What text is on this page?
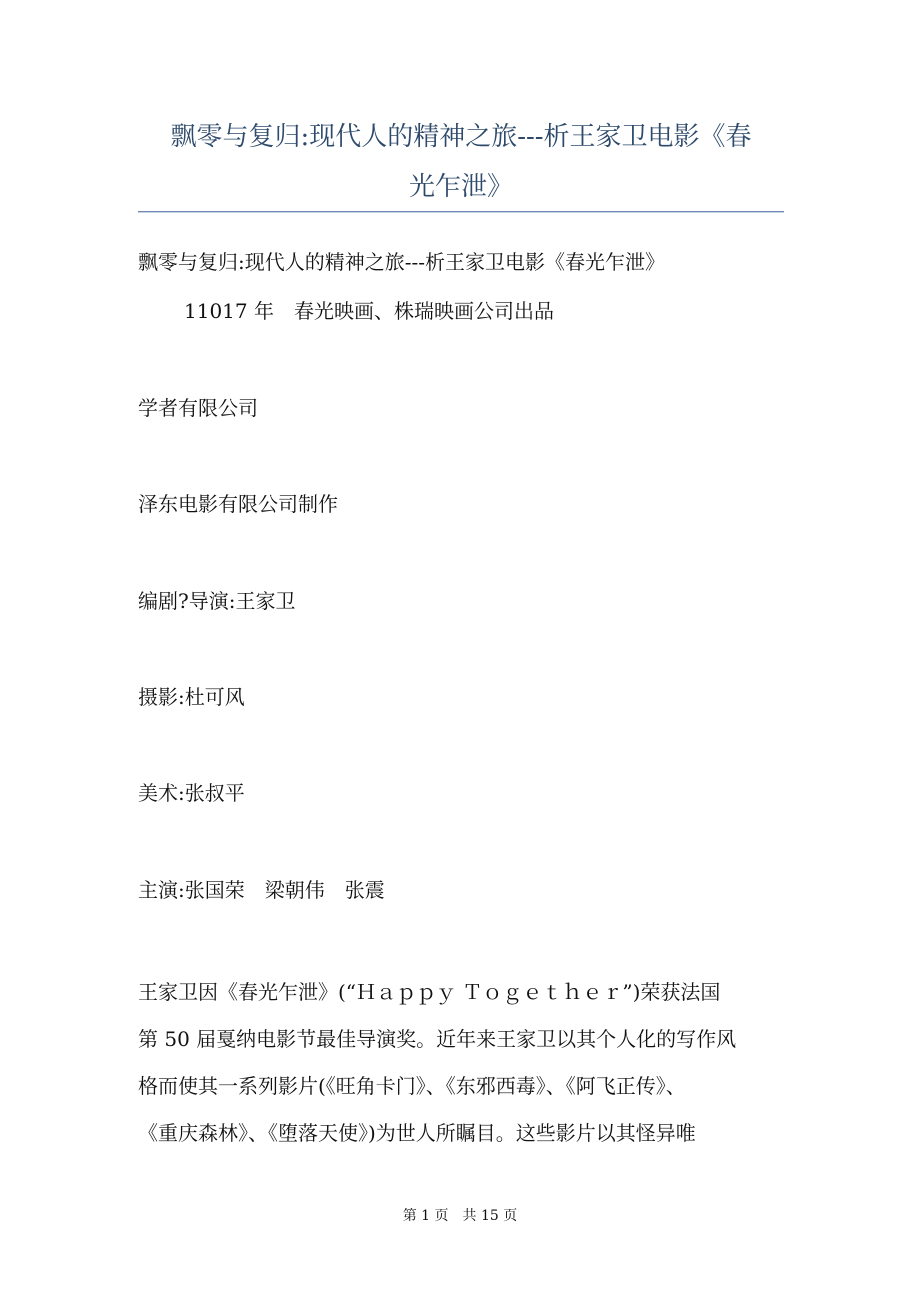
飘零与复归:现代人的精神之旅---析王家卫电影《春
光乍泄》

飘零与复归:现代人的精神之旅---析王家卫电影《春光乍泄》

11017 年　春光映画、株瑞映画公司出品

学者有限公司

泽东电影有限公司制作

编剧?导演:王家卫

摄影:杜可风

美术:张叔平

主演:张国荣　梁朝伟　张震

王家卫因《春光乍泄》(“Ｈａｐｐｙ Ｔｏｇｅｔｈｅｒ”)荣获法国
第 50 届戛纳电影节最佳导演奖。近年来王家卫以其个人化的写作风
格而使其一系列影片(《旺角卡门》、《东邪西毒》、《阿飞正传》、
《重庆森林》、《堕落天使》)为世人所瞩目。这些影片以其怪异唯
第 1 页　共 15 页
